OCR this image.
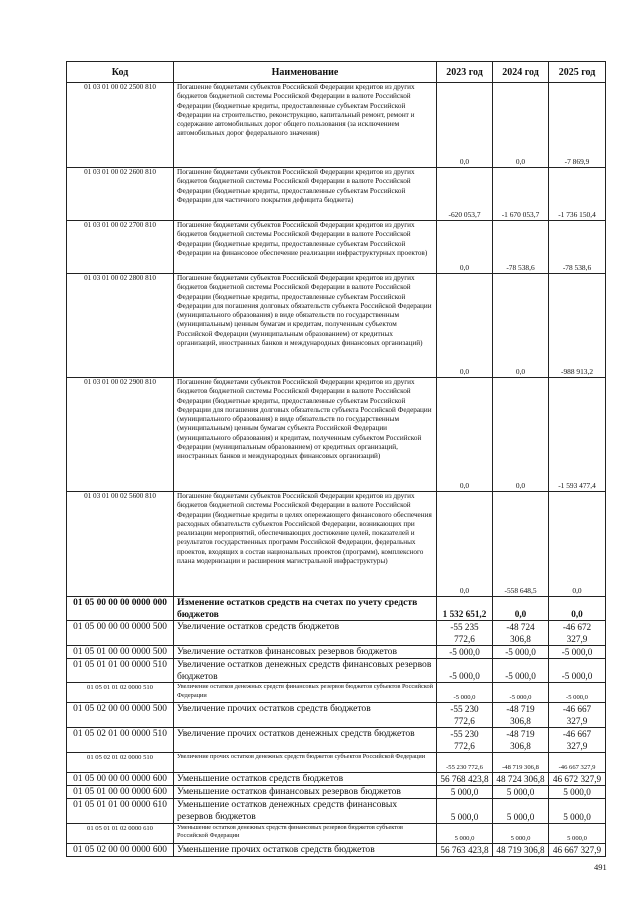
Код	Наименование	2023 год	2024 год	2025 год
01 03 01 00 02 2500 810	Погашение бюджетами субъектов Российской Федерации кредитов из других бюджетов бюджетной системы Российской Федерации в валюте Российской Федерации (бюджетные кредиты, предоставленные субъектам Российской Федерации на строительство, реконструкцию, капитальный ремонт, ремонт и содержание автомобильных дорог общего пользования (за исключением автомобильных дорог федерального значения)	0,0	0,0	-7 869,9
01 03 01 00 02 2600 810	Погашение бюджетами субъектов Российской Федерации кредитов из других бюджетов бюджетной системы Российской Федерации в валюте Российской Федерации (бюджетные кредиты, предоставленные субъектам Российской Федерации для частичного покрытия дефицита бюджета)	-620 053,7	-1 670 053,7	-1 736 150,4
01 03 01 00 02 2700 810	Погашение бюджетами субъектов Российской Федерации кредитов из других бюджетов бюджетной системы Российской Федерации в валюте Российской Федерации (бюджетные кредиты, предоставленные субъектам Российской Федерации на финансовое обеспечение реализации инфраструктурных проектов)	0,0	-78 538,6	-78 538,6
01 03 01 00 02 2800 810	Погашение бюджетами субъектов Российской Федерации кредитов из других бюджетов бюджетной системы Российской Федерации в валюте Российской Федерации (бюджетные кредиты, предоставленные субъектам Российской Федерации для погашения долговых обязательств субъекта Российской Федерации (муниципального образования) в виде обязательств по государственным (муниципальным) ценным бумагам и кредитам, полученным субъектом Российской Федерации (муниципальным образованием) от кредитных организаций, иностранных банков и международных финансовых организаций)	0,0	0,0	-988 913,2
01 03 01 00 02 2900 810	Погашение бюджетами субъектов Российской Федерации кредитов из других бюджетов бюджетной системы Российской Федерации в валюте Российской Федерации (бюджетные кредиты, предоставленные субъектам Российской Федерации для погашения долговых обязательств субъекта Российской Федерации (муниципального образования) в виде обязательств по государственным (муниципальным) ценным бумагам субъекта Российской Федерации (муниципального образования) и кредитам, полученным субъектом Российской Федерации (муниципальным образованием) от кредитных организаций, иностранных банков и международных финансовых организаций)	0,0	0,0	-1 593 477,4
01 03 01 00 02 5600 810	Погашение бюджетами субъектов Российской Федерации кредитов из других бюджетов бюджетной системы Российской Федерации в валюте Российской Федерации (бюджетные кредиты в целях опережающего финансового обеспечения расходных обязательств субъектов Российской Федерации, возникающих при реализации мероприятий, обеспечивающих достижение целей, показателей и результатов государственных программ Российской Федерации, федеральных проектов, входящих в состав национальных проектов (программ), комплексного плана модернизации и расширения магистральной инфраструктуры)	0,0	-558 648,5	0,0
01 05 00 00 00 0000 000	Изменение остатков средств на счетах по учету средств бюджетов	1 532 651,2	0,0	0,0
01 05 00 00 00 0000 500	Увеличение остатков средств бюджетов	-55 235 772,6	-48 724 306,8	-46 672 327,9
01 05 01 00 00 0000 500	Увеличение остатков финансовых резервов бюджетов	-5 000,0	-5 000,0	-5 000,0
01 05 01 01 00 0000 510	Увеличение остатков денежных средств финансовых резервов бюджетов	-5 000,0	-5 000,0	-5 000,0
01 05 01 01 02 0000 510	Увеличение остатков денежных средств финансовых резервов бюджетов субъектов Российской Федерации	-5 000,0	-5 000,0	-5 000,0
01 05 02 00 00 0000 500	Увеличение прочих остатков средств бюджетов	-55 230 772,6	-48 719 306,8	-46 667 327,9
01 05 02 01 00 0000 510	Увеличение прочих остатков денежных средств бюджетов	-55 230 772,6	-48 719 306,8	-46 667 327,9
01 05 02 01 02 0000 510	Увеличение прочих остатков денежных средств бюджетов субъектов Российской Федерации	-55 230 772,6	-48 719 306,8	-46 667 327,9
01 05 00 00 00 0000 600	Уменьшение остатков средств бюджетов	56 768 423,8	48 724 306,8	46 672 327,9
01 05 01 00 00 0000 600	Уменьшение остатков финансовых резервов бюджетов	5 000,0	5 000,0	5 000,0
01 05 01 01 00 0000 610	Уменьшение остатков денежных средств финансовых резервов бюджетов	5 000,0	5 000,0	5 000,0
01 05 01 01 02 0000 610	Уменьшение остатков денежных средств финансовых резервов бюджетов субъектов Российской Федерации	5 000,0	5 000,0	5 000,0
01 05 02 00 00 0000 600	Уменьшение прочих остатков средств бюджетов	56 763 423,8	48 719 306,8	46 667 327,9
491
